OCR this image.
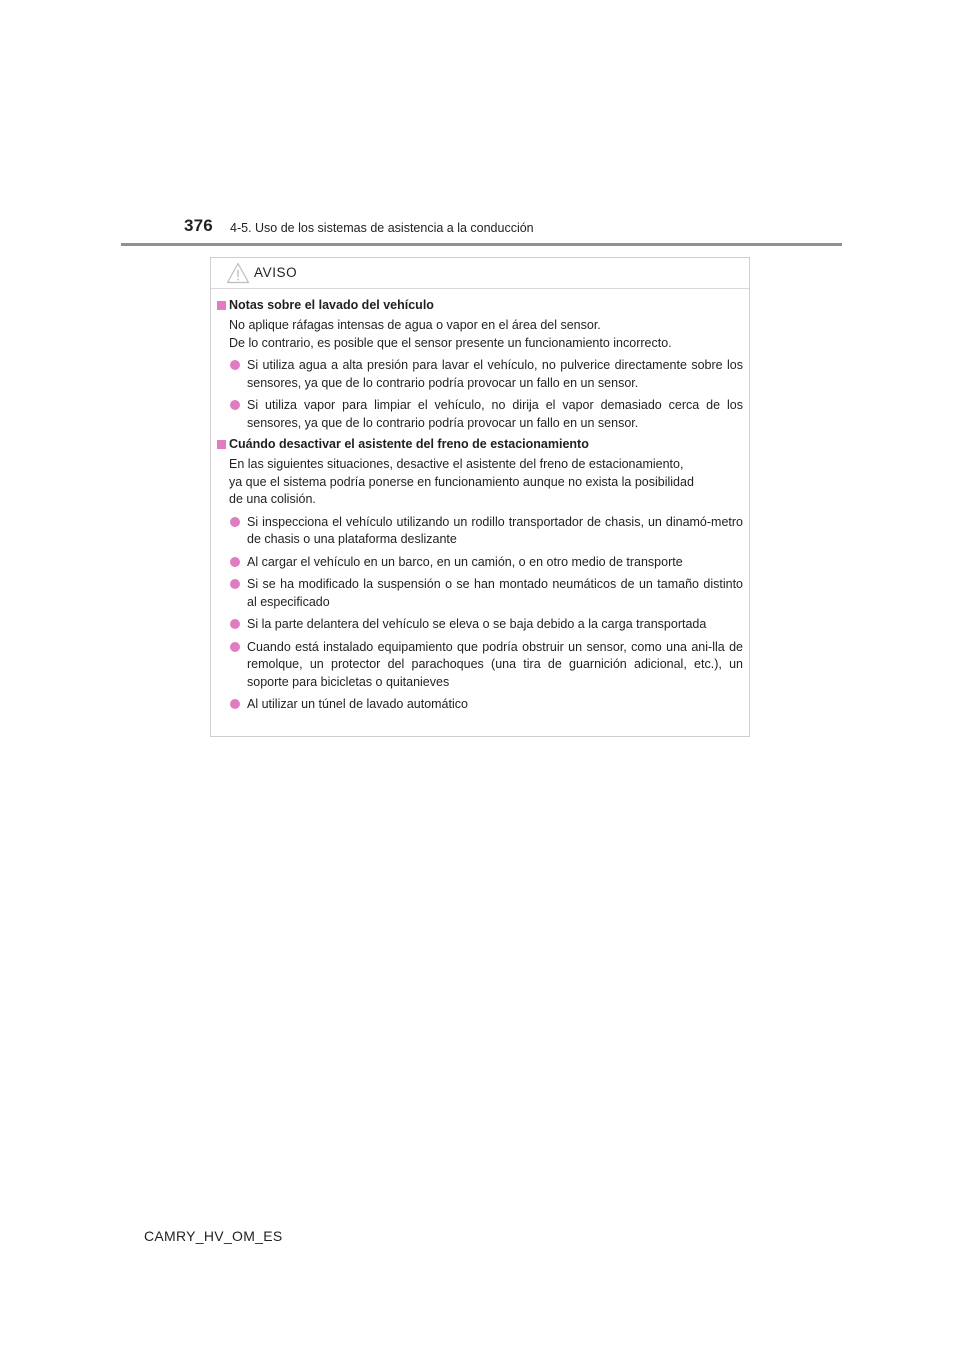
376 4-5. Uso de los sistemas de asistencia a la conducción
AVISO
Notas sobre el lavado del vehículo
No aplique ráfagas intensas de agua o vapor en el área del sensor.
De lo contrario, es posible que el sensor presente un funcionamiento incorrecto.
Si utiliza agua a alta presión para lavar el vehículo, no pulverice directamente sobre los sensores, ya que de lo contrario podría provocar un fallo en un sensor.
Si utiliza vapor para limpiar el vehículo, no dirija el vapor demasiado cerca de los sensores, ya que de lo contrario podría provocar un fallo en un sensor.
Cuándo desactivar el asistente del freno de estacionamiento
En las siguientes situaciones, desactive el asistente del freno de estacionamiento,
ya que el sistema podría ponerse en funcionamiento aunque no exista la posibilidad
de una colisión.
Si inspecciona el vehículo utilizando un rodillo transportador de chasis, un dinamó-metro de chasis o una plataforma deslizante
Al cargar el vehículo en un barco, en un camión, o en otro medio de transporte
Si se ha modificado la suspensión o se han montado neumáticos de un tamaño distinto al especificado
Si la parte delantera del vehículo se eleva o se baja debido a la carga transportada
Cuando está instalado equipamiento que podría obstruir un sensor, como una ani-lla de remolque, un protector del parachoques (una tira de guarnición adicional, etc.), un soporte para bicicletas o quitanieves
Al utilizar un túnel de lavado automático
CAMRY_HV_OM_ES
